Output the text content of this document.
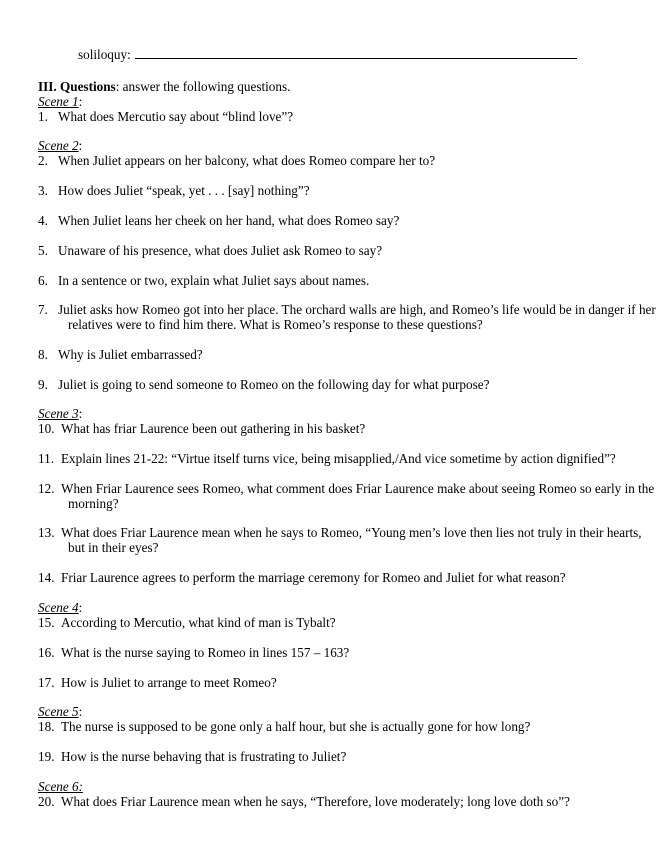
soliloquy:
III. Questions: answer the following questions.
Scene 1:
1. What does Mercutio say about “blind love”?
Scene 2:
2. When Juliet appears on her balcony, what does Romeo compare her to?
3. How does Juliet “speak, yet . . . [say] nothing”?
4. When Juliet leans her cheek on her hand, what does Romeo say?
5. Unaware of his presence, what does Juliet ask Romeo to say?
6. In a sentence or two, explain what Juliet says about names.
7. Juliet asks how Romeo got into her place. The orchard walls are high, and Romeo’s life would be in danger if her relatives were to find him there. What is Romeo’s response to these questions?
8. Why is Juliet embarrassed?
9. Juliet is going to send someone to Romeo on the following day for what purpose?
Scene 3:
10. What has friar Laurence been out gathering in his basket?
11. Explain lines 21-22: “Virtue itself turns vice, being misapplied,/And vice sometime by action dignified”?
12. When Friar Laurence sees Romeo, what comment does Friar Laurence make about seeing Romeo so early in the morning?
13. What does Friar Laurence mean when he says to Romeo, “Young men’s love then lies not truly in their hearts, but in their eyes?
14. Friar Laurence agrees to perform the marriage ceremony for Romeo and Juliet for what reason?
Scene 4:
15. According to Mercutio, what kind of man is Tybalt?
16. What is the nurse saying to Romeo in lines 157 – 163?
17. How is Juliet to arrange to meet Romeo?
Scene 5:
18. The nurse is supposed to be gone only a half hour, but she is actually gone for how long?
19. How is the nurse behaving that is frustrating to Juliet?
Scene 6:
20. What does Friar Laurence mean when he says, “Therefore, love moderately; long love doth so”?
